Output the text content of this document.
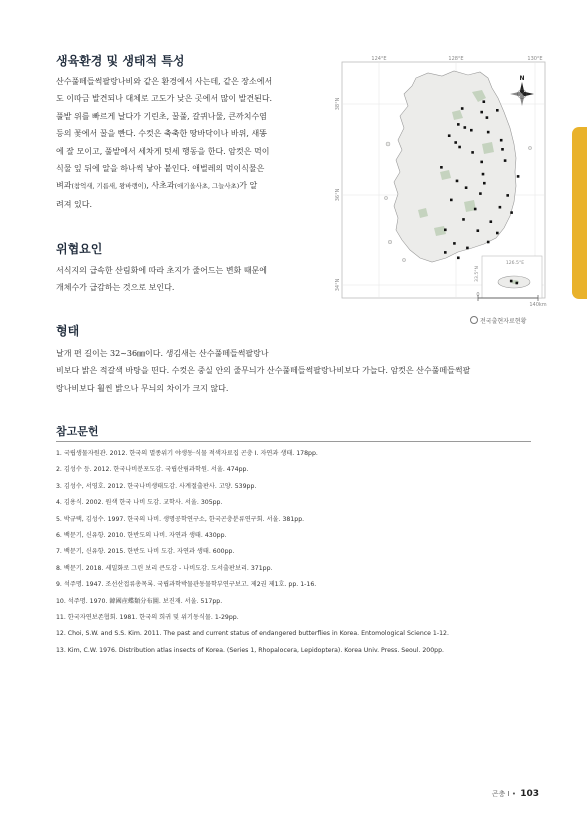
생육환경 및 생태적 특성
산수풀떼들썩팔랑나비와 같은 환경에서 사는데, 같은 장소에서
도 이따금 발견되나 대체로 고도가 낮은 곳에서 많이 발견된다.
풀밭 위를 빠르게 날다가 기린초, 꿀풀, 갈퀴나물, 큰까치수염
등의 꽃에서 꿀을 빤다. 수컷은 축축한 땅바닥이나 바위, 새똥
에 잘 모이고, 풀밭에서 세차게 텃세 행동을 한다. 암컷은 먹이
식물 잎 뒤에 알을 하나씩 낳아 붙인다. 애벌레의 먹이식물은
벼과(참억새, 기름새, 왕바랭이), 사초과(애기올사초, 그늘사초)가 알
려져 있다.
위협요인
서식지의 급속한 산림화에 따라 초지가 줄어드는 변화 때문에
개체수가 급감하는 것으로 보인다.
형태
날개 편 길이는 32~36㎜이다. 생김새는 산수풀떼들썩팔랑나
비보다 밝은 적갈색 바탕을 띤다. 수컷은 중실 안의 줄무늬가 산수풀떼들썩팔랑나비보다 가늘다. 암컷은 산수풀떼들썩팔
랑나비보다 훨씬 밝으나 무늬의 차이가 크지 않다.
0
140km
N
124°E	128°E	130°E
126.5°E
38°N
36°N
34°N
33.5°N
전국출현자료현황
참고문헌
1. 국립생물자원관. 2012. 한국의 멸종위기 야생동·식물 적색자료집 곤충 I. 자연과 생태. 178pp.
2. 김성수 등. 2012. 한국나비분포도감. 국립산림과학원. 서울. 474pp.
3. 김성수, 서영호. 2012. 한국나비생태도감. 사계절출판사. 고양. 539pp.
4. 김용식. 2002. 원색 한국 나비 도감. 교학사. 서울. 305pp.
5. 박규택, 김성수. 1997. 한국의 나비. 생명공학연구소, 한국곤충분류연구회. 서울. 381pp.
6. 백문기, 신유항. 2010. 한반도의 나비. 자연과 생태. 430pp.
7. 백문기, 신유항. 2015. 한반도 나비 도감. 자연과 생태. 600pp.
8. 백문기. 2018. 세밀화로 그린 보리 큰도감 - 나비도감. 도서출판보리. 371pp.
9. 석주명. 1947. 조선산접류총목록. 국립과학박물관동물학부연구보고. 제2권 제1호. pp. 1-16.
10. 석주명. 1970. 韓國産蝶類分布圖. 보진재. 서울. 517pp.
11. 한국자연보존협회. 1981. 한국의 희귀 및 위기동식물. 1-29pp.
12. Choi, S.W. and S.S. Kim. 2011. The past and current status of endangered butterflies in Korea. Entomological Science 1-12.
13. Kim, C.W. 1976. Distribution atlas insects of Korea. (Series 1, Rhopalocera, Lepidoptera). Korea Univ. Press. Seoul. 200pp.
곤충 I • 103
